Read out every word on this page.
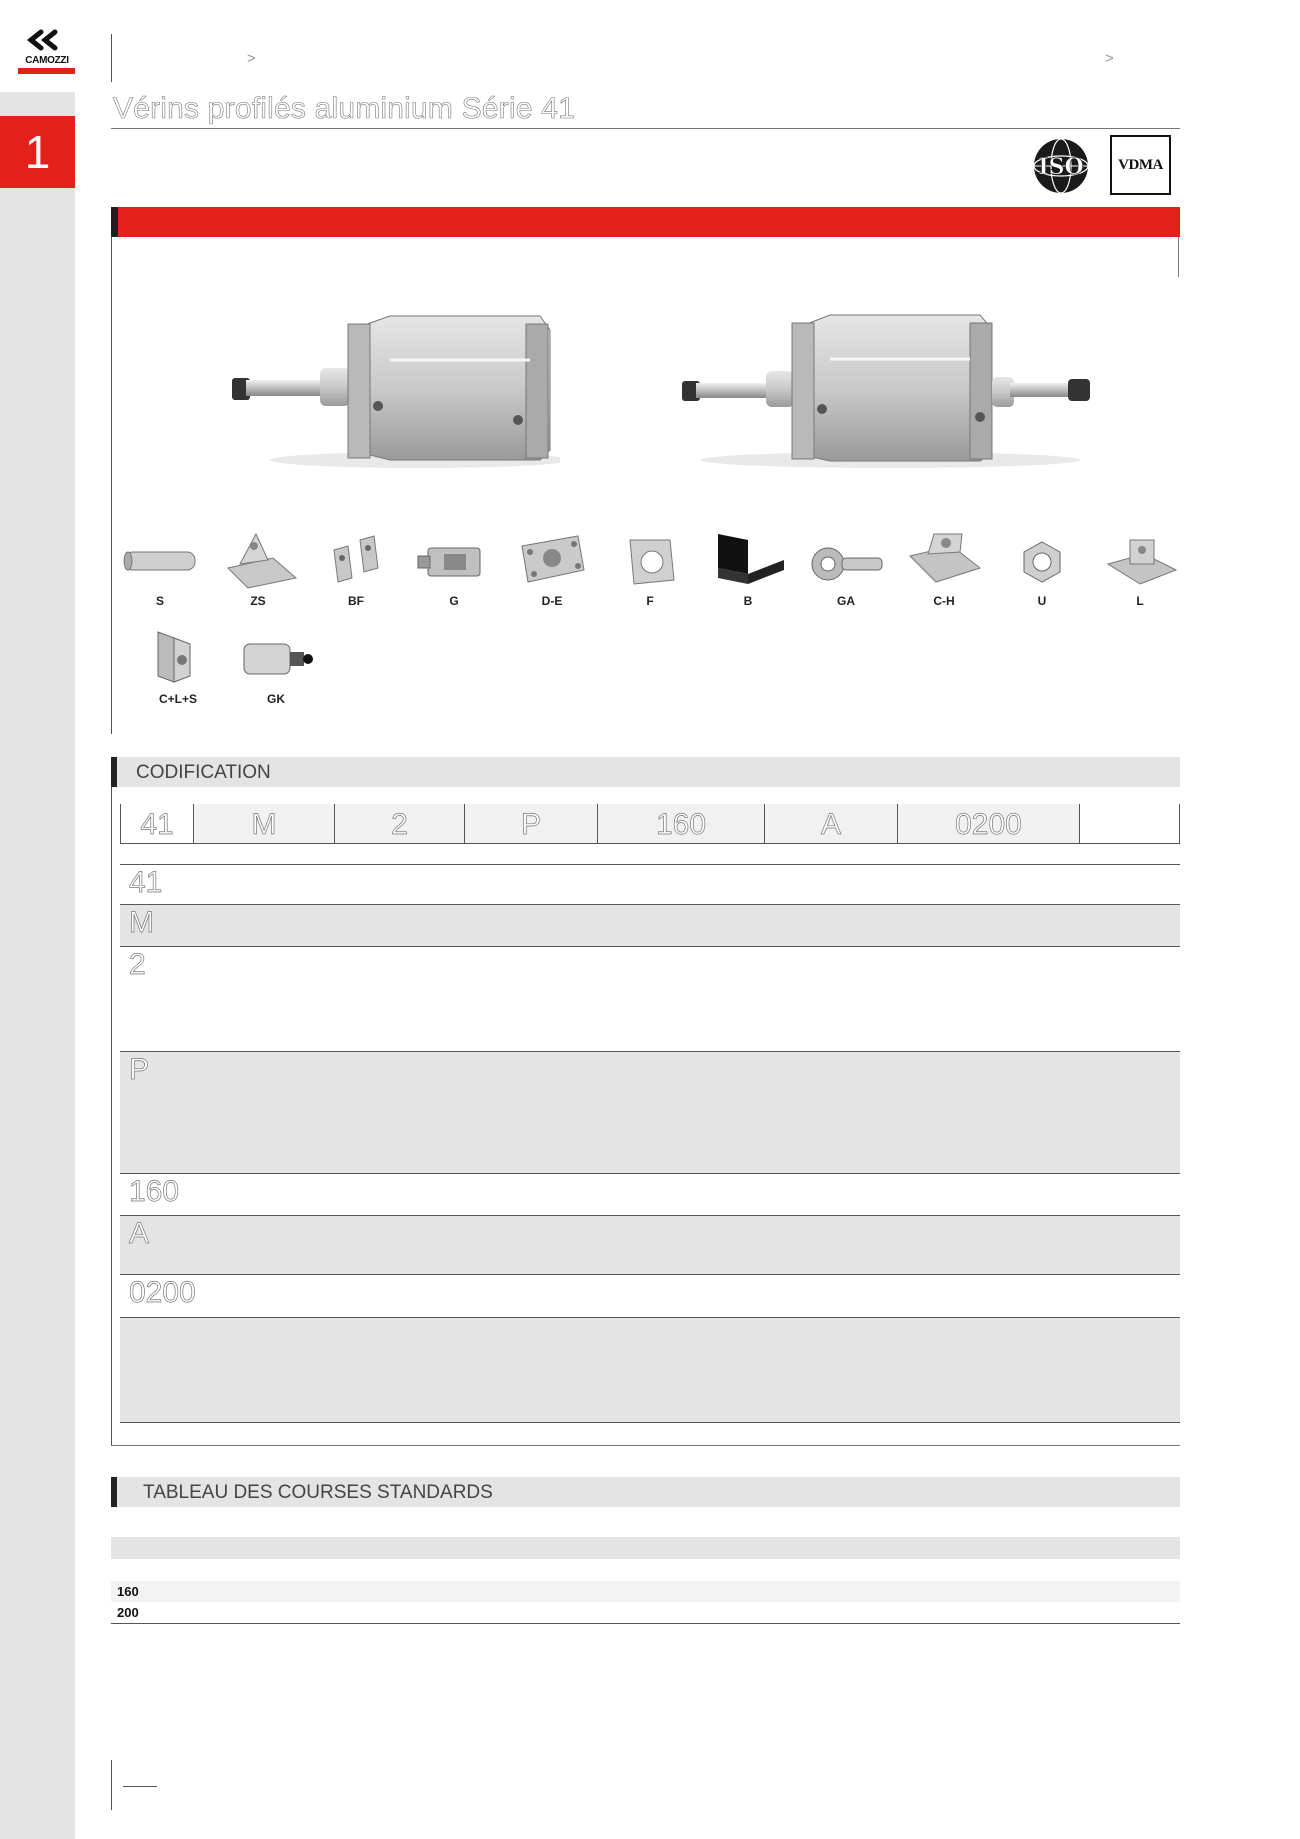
1
CAMOZZI	>	>
Vérins profilés aluminium Série 41
ISO VDMA
S	ZS	BF	G	D-E	F	B	GA	C-H	U	L
C+L+S	GK
CODIFICATION
41	M	2	P	160	A	0200
41
M
2
P
160
A
0200
TABLEAU DES COURSES STANDARDS
160
200
